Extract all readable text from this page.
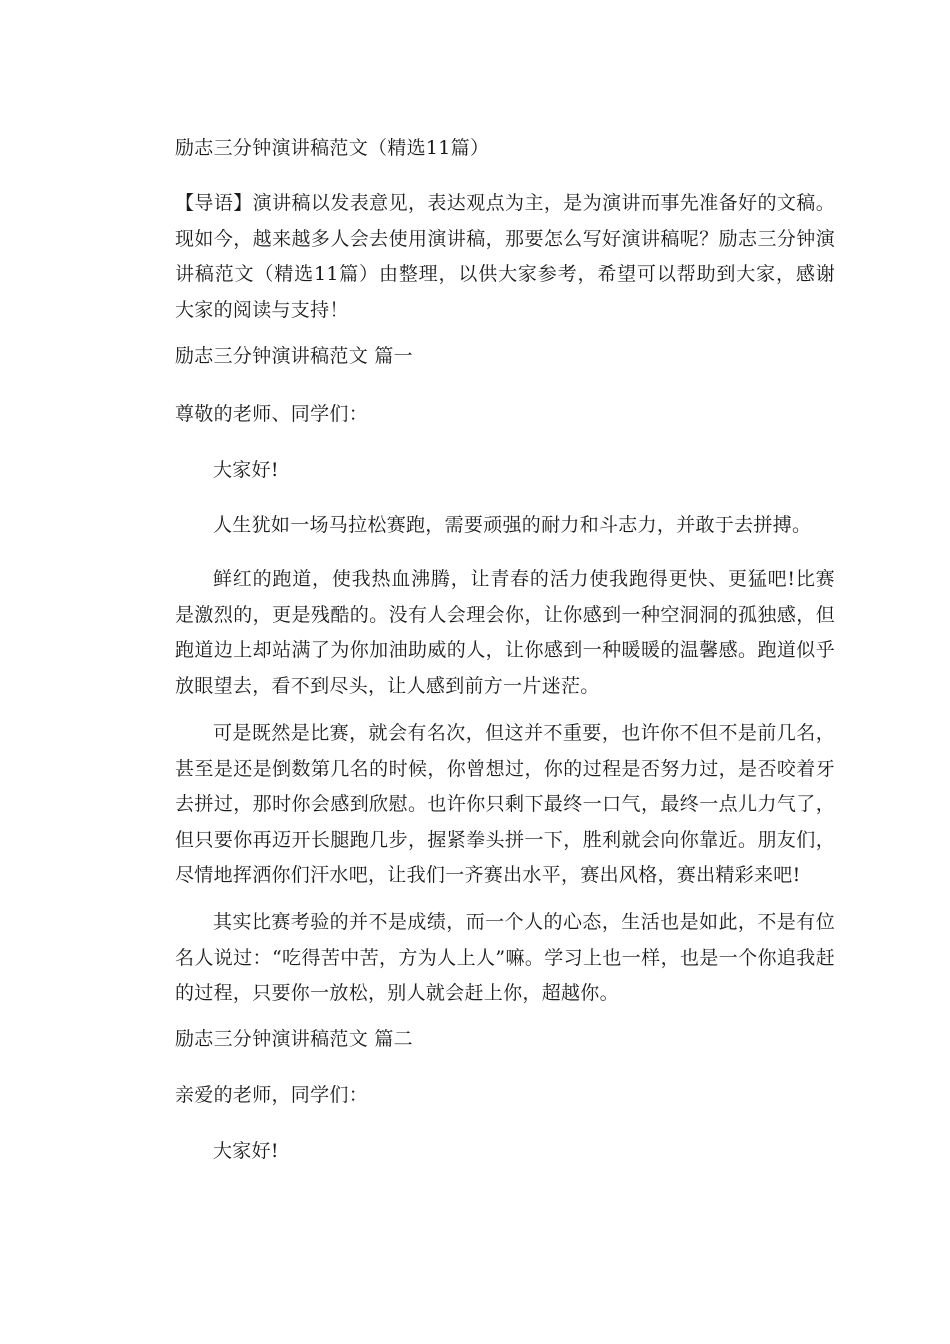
励志三分钟演讲稿范文（精选11篇）
【导语】演讲稿以发表意见，表达观点为主，是为演讲而事先准备好的文稿。现如今，越来越多人会去使用演讲稿，那要怎么写好演讲稿呢？励志三分钟演讲稿范文（精选11篇）由整理，以供大家参考，希望可以帮助到大家，感谢大家的阅读与支持！
励志三分钟演讲稿范文 篇一
尊敬的老师、同学们：
大家好!
人生犹如一场马拉松赛跑，需要顽强的耐力和斗志力，并敢于去拼搏。
鲜红的跑道，使我热血沸腾，让青春的活力使我跑得更快、更猛吧!比赛是激烈的，更是残酷的。没有人会理会你，让你感到一种空洞洞的孤独感，但跑道边上却站满了为你加油助威的人，让你感到一种暖暖的温馨感。跑道似乎放眼望去，看不到尽头，让人感到前方一片迷茫。
可是既然是比赛，就会有名次，但这并不重要，也许你不但不是前几名，甚至是还是倒数第几名的时候，你曾想过，你的过程是否努力过，是否咬着牙去拼过，那时你会感到欣慰。也许你只剩下最终一口气，最终一点儿力气了，但只要你再迈开长腿跑几步，握紧拳头拼一下，胜利就会向你靠近。朋友们，尽情地挥洒你们汗水吧，让我们一齐赛出水平，赛出风格，赛出精彩来吧!
其实比赛考验的并不是成绩，而一个人的心态，生活也是如此，不是有位名人说过：“吃得苦中苦，方为人上人”嘛。学习上也一样，也是一个你追我赶的过程，只要你一放松，别人就会赶上你，超越你。
励志三分钟演讲稿范文 篇二
亲爱的老师，同学们：
大家好!
